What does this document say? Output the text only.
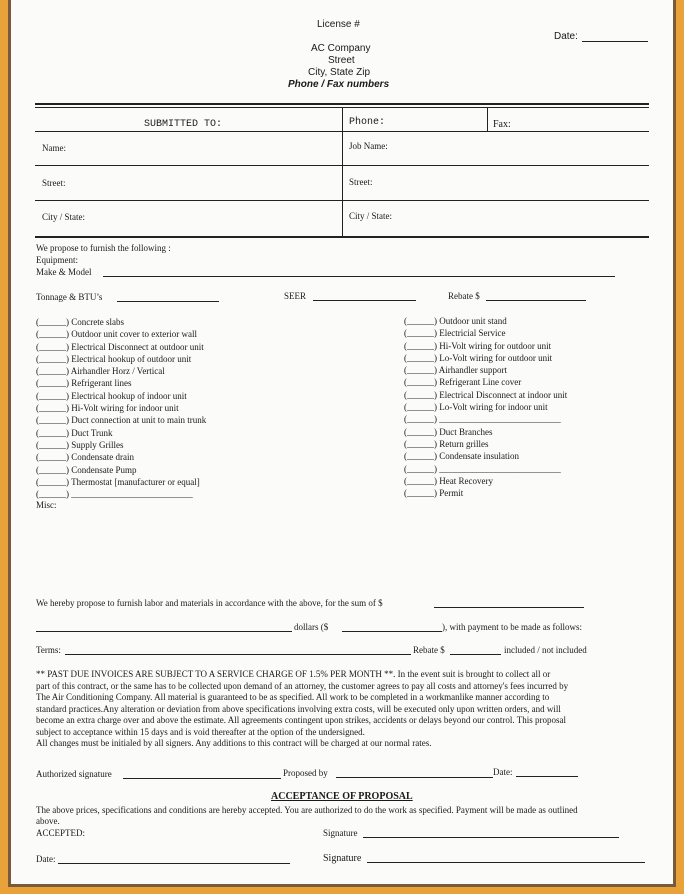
License #
AC Company
Street
City, State Zip
Phone / Fax numbers
Date:
SUBMITTED TO:	Phone:	Fax:
Name:	Job Name:
Street:	Street:
City / State:	City / State:
We propose to furnish the following :
Equipment:
Make & Model
Tonnage & BTU’s	SEER	Rebate $
(______) Concrete slabs
(______) Outdoor unit cover to exterior wall
(______) Electrical Disconnect at outdoor unit
(______) Electrical hookup of outdoor unit
(______) Airhandler Horz / Vertical
(______) Refrigerant lines
(______) Electrical hookup of indoor unit
(______) Hi-Volt wiring for indoor unit
(______) Duct connection at unit to main trunk
(______) Duct Trunk
(______) Supply Grilles
(______) Condensate drain
(______) Condensate Pump
(______) Thermostat [manufacturer or equal]
(______) ___________________________
(______) Outdoor unit stand
(______) Electricial Service
(______) Hi-Volt wiring for outdoor unit
(______) Lo-Volt wiring for outdoor unit
(______) Airhandler support
(______) Refrigerant Line cover
(______) Electrical Disconnect at indoor unit
(______) Lo-Volt wiring for indoor unit
(______) ___________________________
(______) Duct Branches
(______) Return grilles
(______) Condensate insulation
(______) ___________________________
(______) Heat Recovery
(______) Permit
Misc:
We hereby propose to furnish labor and materials in accordance with the above, for the sum of $
dollars ($	), with payment to be made as follows:
Terms:	Rebate $	included / not included
** PAST DUE INVOICES ARE SUBJECT TO A SERVICE CHARGE OF 1.5% PER MONTH **. In the event suit is brought to collect all or
part of this contract, or the same has to be collected upon demand of an attorney, the customer agrees to pay all costs and attorney's fees incurred by
The Air Conditioning Company. All material is guaranteed to be as specified. All work to be completed in a workmanlike manner according to
standard practices.Any alteration or deviation from above specifications involving extra costs, will be executed only upon written orders, and will
become an extra charge over and above the estimate. All agreements contingent upon strikes, accidents or delays beyond our control. This proposal
subject to acceptance within 15 days and is void thereafter at the option of the undersigned.
All changes must be initialed by all signers. Any additions to this contract will be charged at our normal rates.
Authorized signature	Proposed by	Date:
ACCEPTANCE OF PROPOSAL
The above prices, specifications and conditions are hereby accepted. You are authorized to do the work as specified. Payment will be made as outlined
above.
ACCEPTED:	Signature
Date:	Signature
